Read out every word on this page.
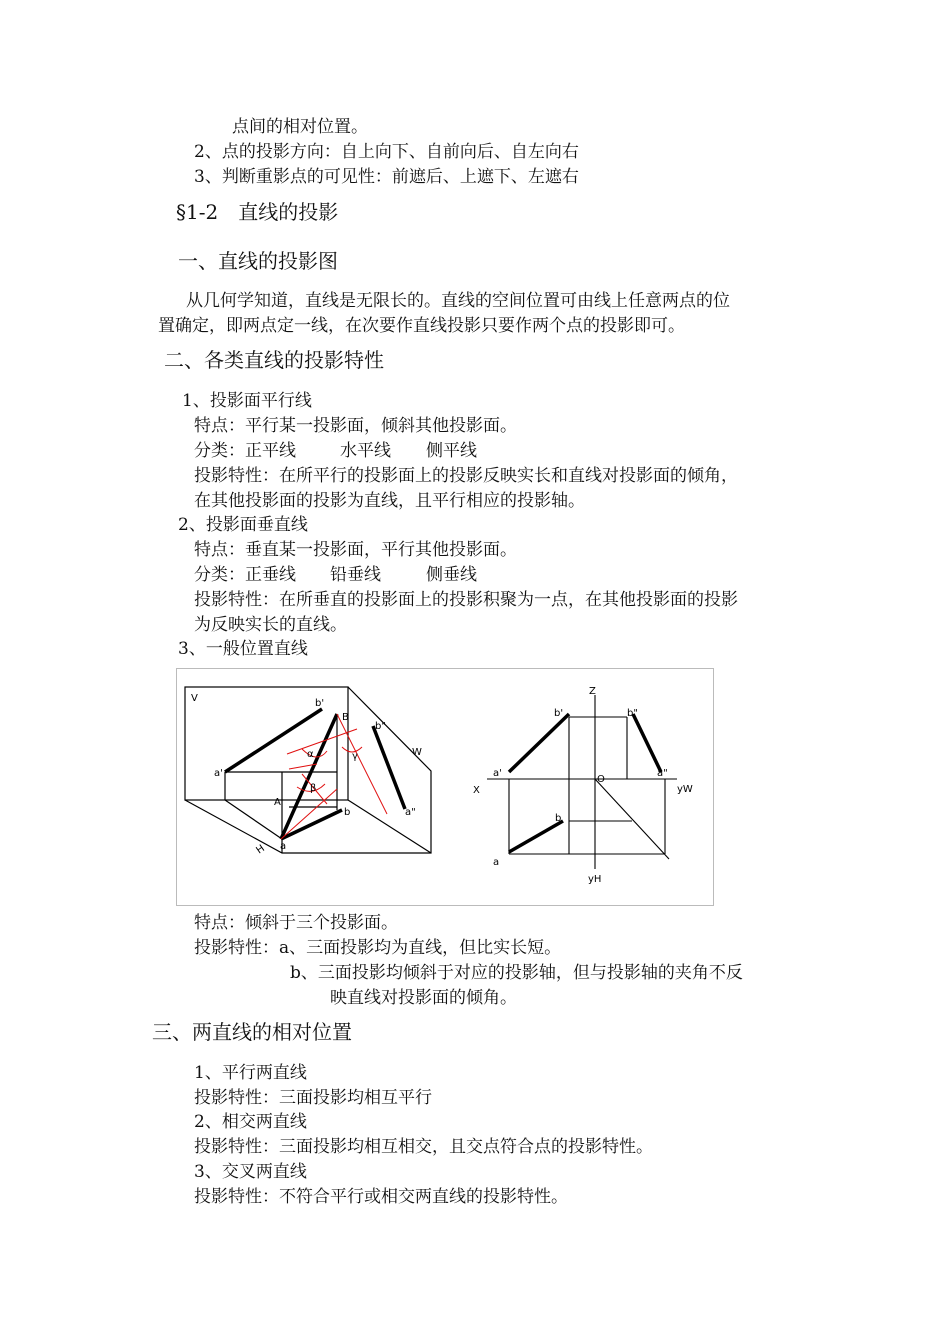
点间的相对位置。
2、点的投影方向：自上向下、自前向后、自左向右
3、判断重影点的可见性：前遮后、上遮下、左遮右
§1-2　直线的投影
一、直线的投影图
从几何学知道，直线是无限长的。直线的空间位置可由线上任意两点的位
置确定，即两点定一线，在次要作直线投影只要作两个点的投影即可。
二、各类直线的投影特性
1、投影面平行线
特点：平行某一投影面，倾斜其他投影面。
分类：正平线	水平线 侧平线
投影特性：在所平行的投影面上的投影反映实长和直线对投影面的倾角，
在其他投影面的投影为直线，且平行相应的投影轴。
2、投影面垂直线
特点：垂直某一投影面，平行其他投影面。
分类：正垂线 铅垂线	侧垂线
投影特性：在所垂直的投影面上的投影积聚为一点，在其他投影面的投影
为反映实长的直线。
3、一般位置直线
V
W
H
b'
B
b"
a'
A
b	a"
a
α
β
γ
Z
X
O
yW
yH
b'	b"
a'	a"
b
a
特点：倾斜于三个投影面。
投影特性：a、三面投影均为直线，但比实长短。
b、三面投影均倾斜于对应的投影轴，但与投影轴的夹角不反
映直线对投影面的倾角。
三、两直线的相对位置
1、平行两直线
投影特性：三面投影均相互平行
2、相交两直线
投影特性：三面投影均相互相交，且交点符合点的投影特性。
3、交叉两直线
投影特性：不符合平行或相交两直线的投影特性。
